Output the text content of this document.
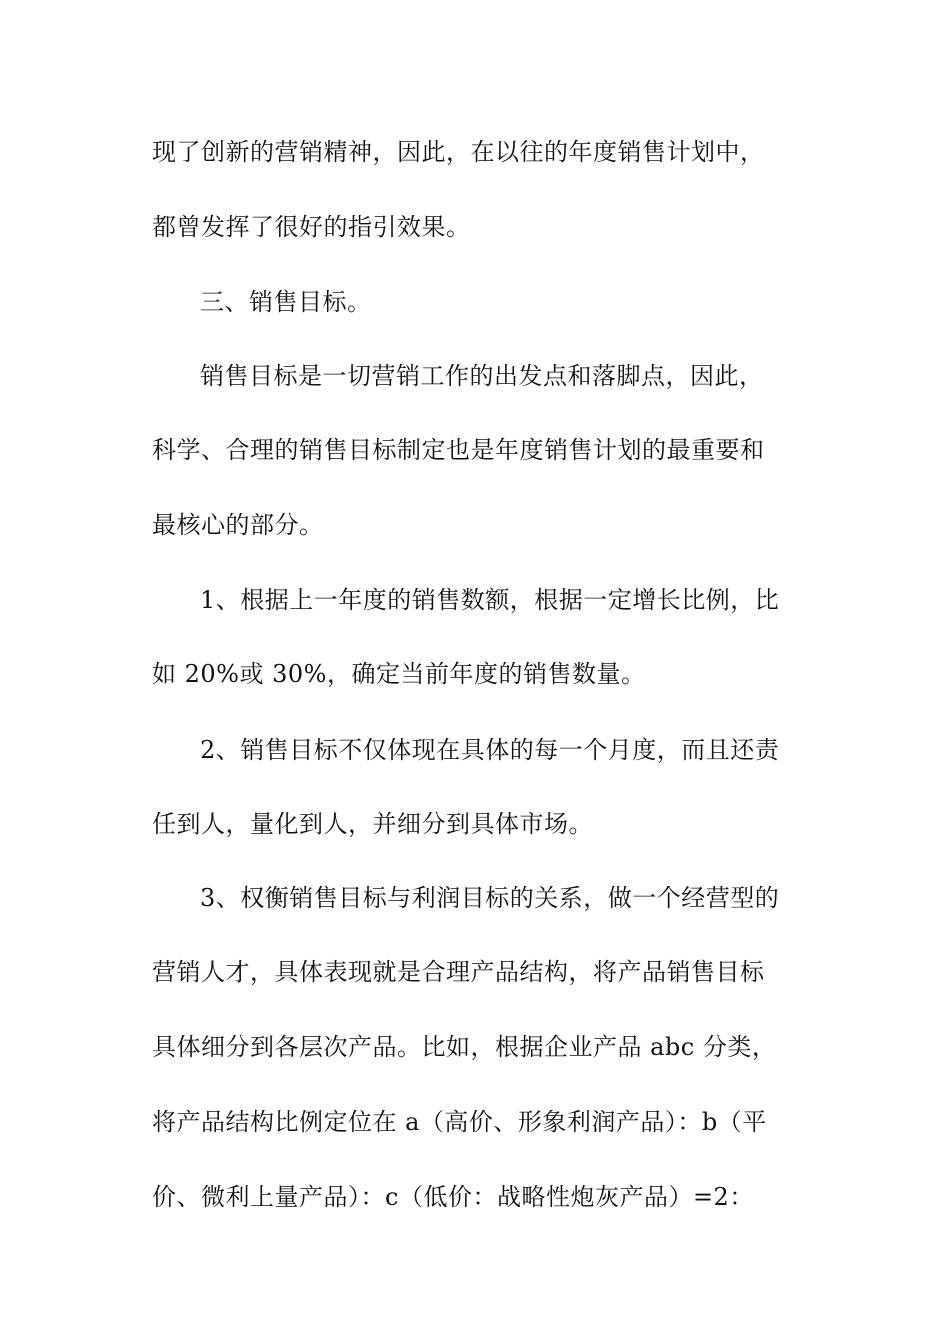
现了创新的营销精神，因此，在以往的年度销售计划中，
都曾发挥了很好的指引效果。
三、销售目标。
销售目标是一切营销工作的出发点和落脚点，因此，
科学、合理的销售目标制定也是年度销售计划的最重要和
最核心的部分。
1、根据上一年度的销售数额，根据一定增长比例，比
如 20%或 30%，确定当前年度的销售数量。
2、销售目标不仅体现在具体的每一个月度，而且还责
任到人，量化到人，并细分到具体市场。
3、权衡销售目标与利润目标的关系，做一个经营型的
营销人才，具体表现就是合理产品结构，将产品销售目标
具体细分到各层次产品。比如，根据企业产品 abc 分类，
将产品结构比例定位在 a（高价、形象利润产品）：b（平
价、微利上量产品）：c（低价：战略性炮灰产品）=2：
